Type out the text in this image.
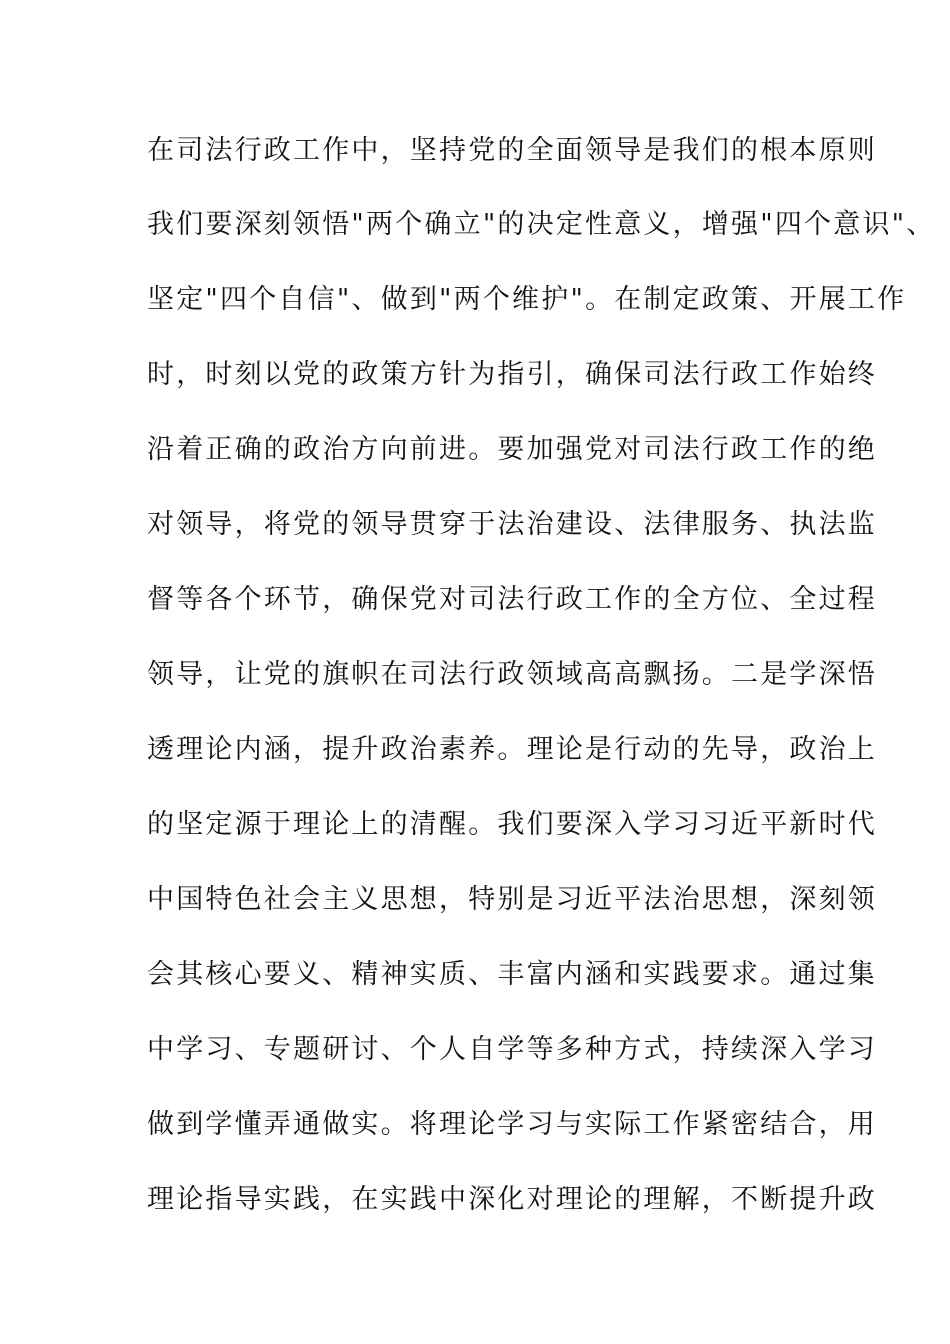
在司法行政工作中，坚持党的全面领导是我们的根本原则
我们要深刻领悟"两个确立"的决定性意义，增强"四个意识"、
坚定"四个自信"、做到"两个维护"。在制定政策、开展工作
时，时刻以党的政策方针为指引，确保司法行政工作始终
沿着正确的政治方向前进。要加强党对司法行政工作的绝
对领导，将党的领导贯穿于法治建设、法律服务、执法监
督等各个环节，确保党对司法行政工作的全方位、全过程
领导，让党的旗帜在司法行政领域高高飘扬。二是学深悟
透理论内涵，提升政治素养。理论是行动的先导，政治上
的坚定源于理论上的清醒。我们要深入学习习近平新时代
中国特色社会主义思想，特别是习近平法治思想，深刻领
会其核心要义、精神实质、丰富内涵和实践要求。通过集
中学习、专题研讨、个人自学等多种方式，持续深入学习
做到学懂弄通做实。将理论学习与实际工作紧密结合，用
理论指导实践，在实践中深化对理论的理解，不断提升政
